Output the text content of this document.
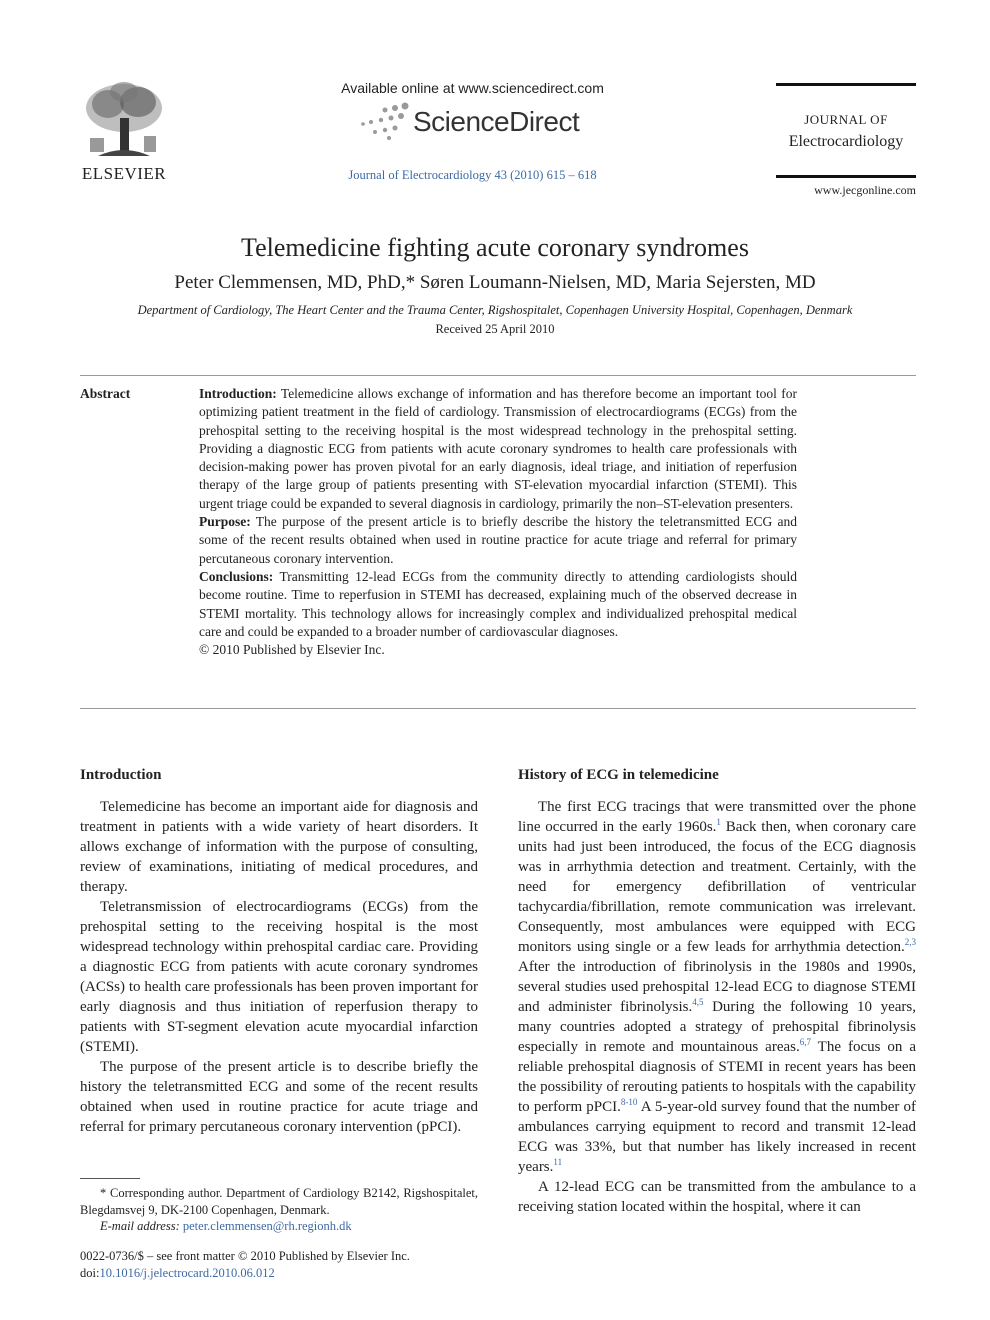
ELSEVIER
Available online at www.sciencedirect.com
ScienceDirect
Journal of Electrocardiology 43 (2010) 615 – 618
JOURNAL OF
Electrocardiology
www.jecgonline.com
Telemedicine fighting acute coronary syndromes
Peter Clemmensen, MD, PhD,* Søren Loumann-Nielsen, MD, Maria Sejersten, MD
Department of Cardiology, The Heart Center and the Trauma Center, Rigshospitalet, Copenhagen University Hospital, Copenhagen, Denmark
Received 25 April 2010
Abstract	Introduction: Telemedicine allows exchange of information and has therefore become an important tool for optimizing patient treatment in the field of cardiology. Transmission of electrocardiograms (ECGs) from the prehospital setting to the receiving hospital is the most widespread technology in the prehospital setting. Providing a diagnostic ECG from patients with acute coronary syndromes to health care professionals with decision-making power has proven pivotal for an early diagnosis, ideal triage, and initiation of reperfusion therapy of the large group of patients presenting with ST-elevation myocardial infarction (STEMI). This urgent triage could be expanded to several diagnosis in cardiology, primarily the non–ST-elevation presenters.

Purpose: The purpose of the present article is to briefly describe the history the teletransmitted ECG and some of the recent results obtained when used in routine practice for acute triage and referral for primary percutaneous coronary intervention.

Conclusions: Transmitting 12-lead ECGs from the community directly to attending cardiologists should become routine. Time to reperfusion in STEMI has decreased, explaining much of the observed decrease in STEMI mortality. This technology allows for increasingly complex and individualized prehospital medical care and could be expanded to a broader number of cardiovascular diagnoses.

© 2010 Published by Elsevier Inc.

Introduction

Telemedicine has become an important aide for diagnosis and treatment in patients with a wide variety of heart disorders. It allows exchange of information with the purpose of consulting, review of examinations, initiating of medical procedures, and therapy.

Teletransmission of electrocardiograms (ECGs) from the prehospital setting to the receiving hospital is the most widespread technology within prehospital cardiac care. Providing a diagnostic ECG from patients with acute coronary syndromes (ACSs) to health care professionals has been proven important for early diagnosis and thus initiation of reperfusion therapy to patients with ST-segment elevation acute myocardial infarction (STEMI).

The purpose of the present article is to describe briefly the history the teletransmitted ECG and some of the recent results obtained when used in routine practice for acute triage and referral for primary percutaneous coronary intervention (pPCI).

* Corresponding author. Department of Cardiology B2142, Rigshospitalet, Blegdamsvej 9, DK-2100 Copenhagen, Denmark.
E-mail address: peter.clemmensen@rh.regionh.dk
0022-0736/$ – see front matter © 2010 Published by Elsevier Inc.
doi:10.1016/j.jelectrocard.2010.06.012
History of ECG in telemedicine

The first ECG tracings that were transmitted over the phone line occurred in the early 1960s.$^1$ Back then, when coronary care units had just been introduced, the focus of the ECG diagnosis was in arrhythmia detection and treatment. Certainly, with the need for emergency defibrillation of ventricular tachycardia/fibrillation, remote communication was irrelevant. Consequently, most ambulances were equipped with ECG monitors using single or a few leads for arrhythmia detection.$^{2,3}$ After the introduction of fibrinolysis in the 1980s and 1990s, several studies used prehospital 12-lead ECG to diagnose STEMI and administer fibrinolysis.$^{4,5}$ During the following 10 years, many countries adopted a strategy of prehospital fibrinolysis especially in remote and mountainous areas.$^{6,7}$ The focus on a reliable prehospital diagnosis of STEMI in recent years has been the possibility of rerouting patients to hospitals with the capability to perform pPCI.$^{8-10}$ A 5-year-old survey found that the number of ambulances carrying equipment to record and transmit 12-lead ECG was 33%, but that number has likely increased in recent years.$^{11}$

A 12-lead ECG can be transmitted from the ambulance to a receiving station located within the hospital, where it can
